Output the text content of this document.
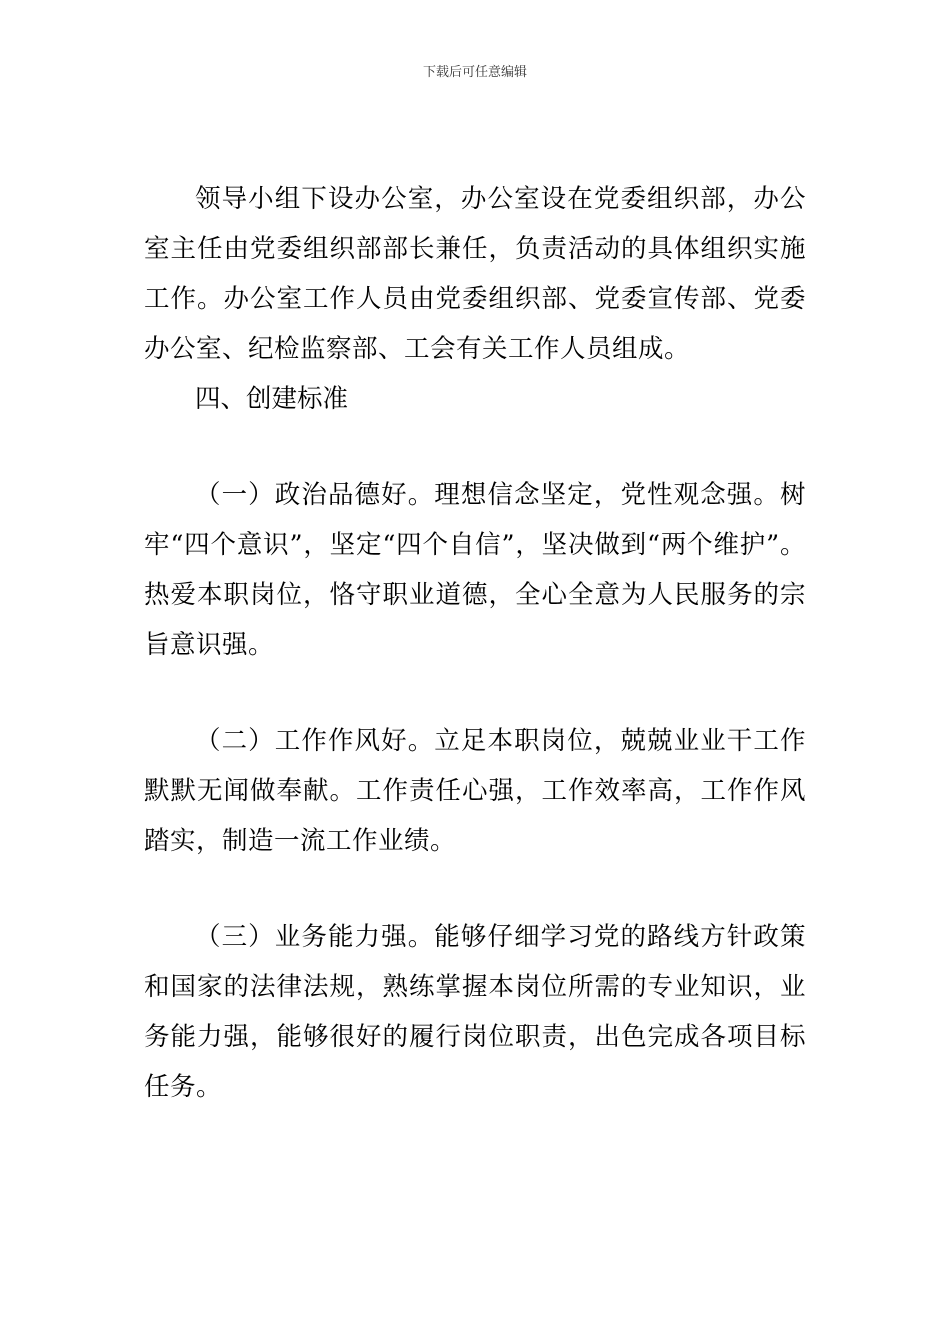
下载后可任意编辑

领导小组下设办公室，办公室设在党委组织部，办公室主任由党委组织部部长兼任，负责活动的具体组织实施工作。办公室工作人员由党委组织部、党委宣传部、党委办公室、纪检监察部、工会有关工作人员组成。

四、创建标准

（一）政治品德好。理想信念坚定，党性观念强。树牢“四个意识”，坚定“四个自信”，坚决做到“两个维护”。热爱本职岗位，恪守职业道德，全心全意为人民服务的宗旨意识强。

（二）工作作风好。立足本职岗位，兢兢业业干工作默默无闻做奉献。工作责任心强，工作效率高，工作作风踏实，制造一流工作业绩。

（三）业务能力强。能够仔细学习党的路线方针政策和国家的法律法规，熟练掌握本岗位所需的专业知识，业务能力强，能够很好的履行岗位职责，出色完成各项目标任务。
